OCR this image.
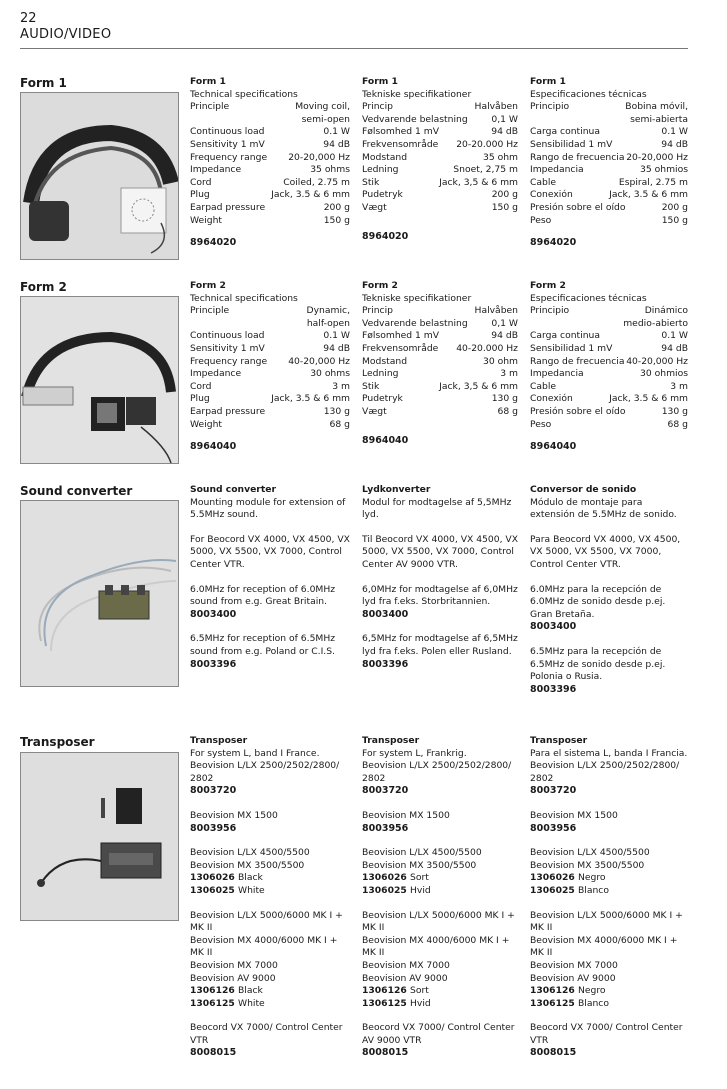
22
AUDIO/VIDEO
Form 1	Form 1
Technical specifications
Principle	Moving coil,
semi-open
Continuous load	0.1 W
Sensitivity 1 mV	94 dB
Frequency range 20-20,000 Hz
Impedance	35 ohms
Cord	Coiled, 2.75 m
Plug	Jack, 3.5 & 6 mm
Earpad pressure	200 g
Weight	150 g
8964020
Form 1
Tekniske specifikationer
Princip	Halvåben
Vedvarende belastning	0,1 W
Følsomhed 1 mV	94 dB
Frekvensområde 20-20.000 Hz
Modstand	35 ohm
Ledning	Snoet, 2,75 m
Stik	Jack, 3,5 & 6 mm
Pudetryk	200 g
Vægt	150 g
8964020
Form 1
Especificaciones técnicas
Principio	Bobina móvil,
semi-abierta
Carga continua	0.1 W
Sensibilidad 1 mV	94 dB
Rango de frecuencia 20-20,000 Hz
Impedancia	35 ohmios
Cable	Espiral, 2.75 m
Conexión	Jack, 3.5 & 6 mm
Presión sobre el oído	200 g
Peso	150 g
8964020
Form 2	Form 2
Technical specifications
Principle	Dynamic,
half-open
Continuous load	0.1 W
Sensitivity 1 mV	94 dB
Frequency range 40-20,000 Hz
Impedance	30 ohms
Cord	3 m
Plug	Jack, 3.5 & 6 mm
Earpad pressure	130 g
Weight	68 g
8964040
Form 2
Tekniske specifikationer
Princip	Halvåben
Vedvarende belastning	0,1 W
Følsomhed 1 mV	94 dB
Frekvensområde 40-20.000 Hz
Modstand	30 ohm
Ledning	3 m
Stik	Jack, 3,5 & 6 mm
Pudetryk	130 g
Vægt	68 g
8964040
Form 2
Especificaciones técnicas
Principio	Dinámico
medio-abierto
Carga continua	0.1 W
Sensibilidad 1 mV	94 dB
Rango de frecuencia 40-20,000 Hz
Impedancia	30 ohmios
Cable	3 m
Conexión	Jack, 3.5 & 6 mm
Presión sobre el oído	130 g
Peso	68 g
8964040
Sound converter	Sound converter
Mounting module for extension of 5.5MHz sound.
For Beocord VX 4000, VX 4500, VX 5000, VX 5500, VX 7000, Control Center VTR.
6.0MHz for reception of 6.0MHz sound from e.g. Great Britain.
8003400
6.5MHz for reception of 6.5MHz sound from e.g. Poland or C.I.S.
8003396
Lydkonverter
Modul for modtagelse af 5,5MHz lyd.
Til Beocord VX 4000, VX 4500, VX 5000, VX 5500, VX 7000, Control Center AV 9000 VTR.
6,0MHz for modtagelse af 6,0MHz lyd fra f.eks. Storbritannien.
8003400
6,5MHz for modtagelse af 6,5MHz lyd fra f.eks. Polen eller Rusland.
8003396
Conversor de sonido
Módulo de montaje para extensión de 5.5MHz de sonido.
Para Beocord VX 4000, VX 4500, VX 5000, VX 5500, VX 7000, Control Center VTR.
6.0MHz para la recepción de 6.0MHz de sonido desde p.ej. Gran Bretaña.
8003400
6.5MHz para la recepción de 6.5MHz de sonido desde p.ej. Polonia o Rusia.
8003396
Transposer	Transposer
For system L, band I France.
Beovision L/LX 2500/2502/2800/ 2802
8003720
Beovision MX 1500
8003956
Beovision L/LX 4500/5500
Beovision MX 3500/5500
1306026 Black
1306025 White
Beovision L/LX 5000/6000 MK I + MK II
Beovision MX 4000/6000 MK I + MK II
Beovision MX 7000
Beovision AV 9000
1306126 Black
1306125 White
Beocord VX 7000/ Control Center VTR
8008015
Transposer
For system L, Frankrig.
Beovision L/LX 2500/2502/2800/ 2802
8003720
Beovision MX 1500
8003956
Beovision L/LX 4500/5500
Beovision MX 3500/5500
1306026 Sort
1306025 Hvid
Beovision L/LX 5000/6000 MK I + MK II
Beovision MX 4000/6000 MK I + MK II
Beovision MX 7000
Beovision AV 9000
1306126 Sort
1306125 Hvid
Beocord VX 7000/ Control Center AV 9000 VTR
8008015
Transposer
Para el sistema L, banda I Francia.
Beovision L/LX 2500/2502/2800/ 2802
8003720
Beovision MX 1500
8003956
Beovision L/LX 4500/5500
Beovision MX 3500/5500
1306026 Negro
1306025 Blanco
Beovision L/LX 5000/6000 MK I + MK II
Beovision MX 4000/6000 MK I + MK II
Beovision MX 7000
Beovision AV 9000
1306126 Negro
1306125 Blanco
Beocord VX 7000/ Control Center VTR
8008015
